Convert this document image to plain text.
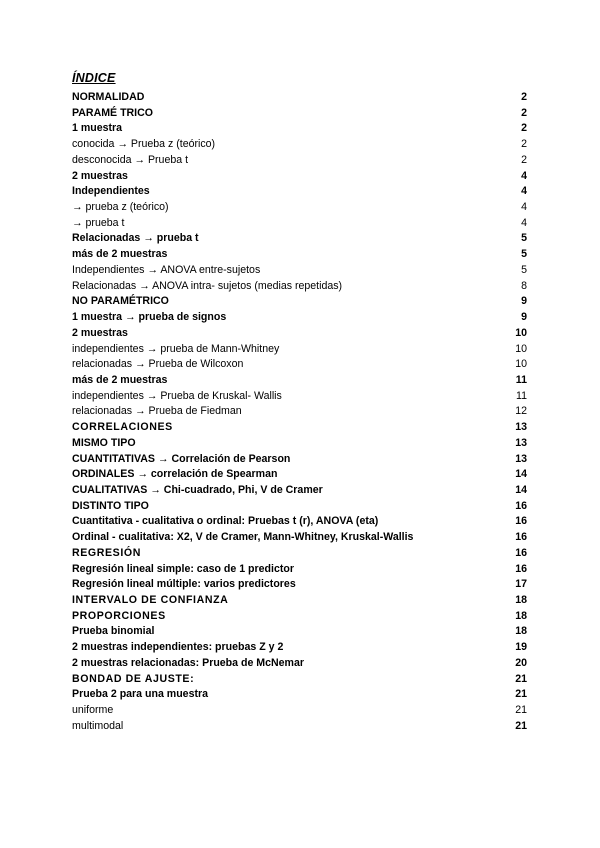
ÍNDICE
NORMALIDAD	2
PARAMÉ TRICO	2
1 muestra	2
conocida → Prueba z (teórico)	2
desconocida → Prueba t	2
2 muestras	4
Independientes	4
→ prueba z (teórico)	4
→ prueba t	4
Relacionadas → prueba t	5
más de 2 muestras	5
Independientes → ANOVA entre-sujetos	5
Relacionadas → ANOVA intra- sujetos (medias repetidas)	8
NO PARAMÉTRICO	9
1 muestra → prueba de signos	9
2 muestras	10
independientes → prueba de Mann-Whitney	10
relacionadas → Prueba de Wilcoxon	10
más de 2 muestras	11
independientes → Prueba de Kruskal- Wallis	11
relacionadas → Prueba de Fiedman	12
CORRELACIONES	13
MISMO TIPO	13
CUANTITATIVAS → Correlación de Pearson	13
ORDINALES → correlación de Spearman	14
CUALITATIVAS → Chi-cuadrado, Phi, V de Cramer	14
DISTINTO TIPO	16
Cuantitativa - cualitativa o ordinal: Pruebas t (r), ANOVA (eta)	16
Ordinal - cualitativa: X2, V de Cramer, Mann-Whitney, Kruskal-Wallis	16
REGRESIÓN	16
Regresión lineal simple: caso de 1 predictor	16
Regresión lineal múltiple: varios predictores	17
INTERVALO DE CONFIANZA	18
PROPORCIONES	18
Prueba binomial	18
2 muestras independientes: pruebas Z y 2	19
2 muestras relacionadas: Prueba de McNemar	20
BONDAD DE AJUSTE:	21
Prueba 2 para una muestra	21
uniforme	21
multimodal	21
